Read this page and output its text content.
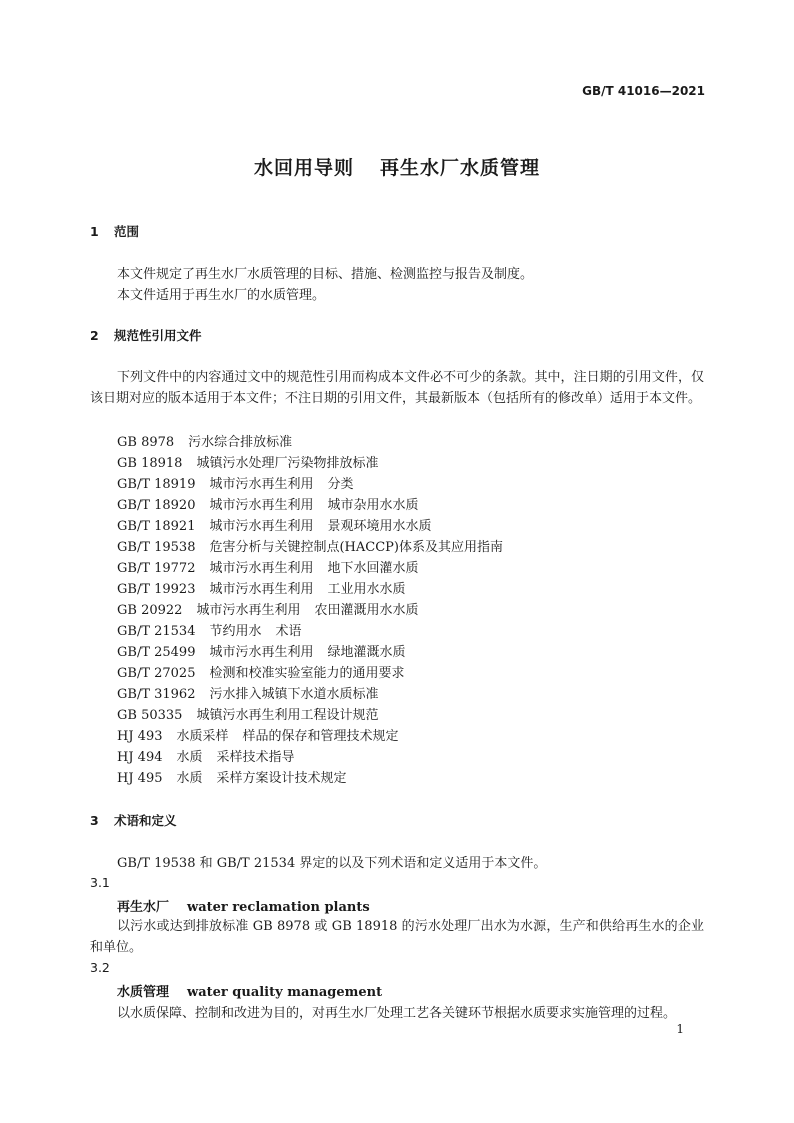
GB/T 41016—2021
水回用导则 再生水厂水质管理
1 范围
本文件规定了再生水厂水质管理的目标、措施、检测监控与报告及制度。
本文件适用于再生水厂的水质管理。
2 规范性引用文件
下列文件中的内容通过文中的规范性引用而构成本文件必不可少的条款。其中，注日期的引用文件，仅该日期对应的版本适用于本文件；不注日期的引用文件，其最新版本（包括所有的修改单）适用于本文件。
GB 8978 污水综合排放标准
GB 18918 城镇污水处理厂污染物排放标准
GB/T 18919 城市污水再生利用 分类
GB/T 18920 城市污水再生利用 城市杂用水水质
GB/T 18921 城市污水再生利用 景观环境用水水质
GB/T 19538 危害分析与关键控制点(HACCP)体系及其应用指南
GB/T 19772 城市污水再生利用 地下水回灌水质
GB/T 19923 城市污水再生利用 工业用水水质
GB 20922 城市污水再生利用 农田灌溉用水水质
GB/T 21534 节约用水 术语
GB/T 25499 城市污水再生利用 绿地灌溉水质
GB/T 27025 检测和校准实验室能力的通用要求
GB/T 31962 污水排入城镇下水道水质标准
GB 50335 城镇污水再生利用工程设计规范
HJ 493 水质采样 样品的保存和管理技术规定
HJ 494 水质 采样技术指导
HJ 495 水质 采样方案设计技术规定
3 术语和定义
GB/T 19538 和 GB/T 21534 界定的以及下列术语和定义适用于本文件。
3.1
再生水厂 water reclamation plants
以污水或达到排放标准 GB 8978 或 GB 18918 的污水处理厂出水为水源，生产和供给再生水的企业和单位。
3.2
水质管理 water quality management
以水质保障、控制和改进为目的，对再生水厂处理工艺各关键环节根据水质要求实施管理的过程。
1
